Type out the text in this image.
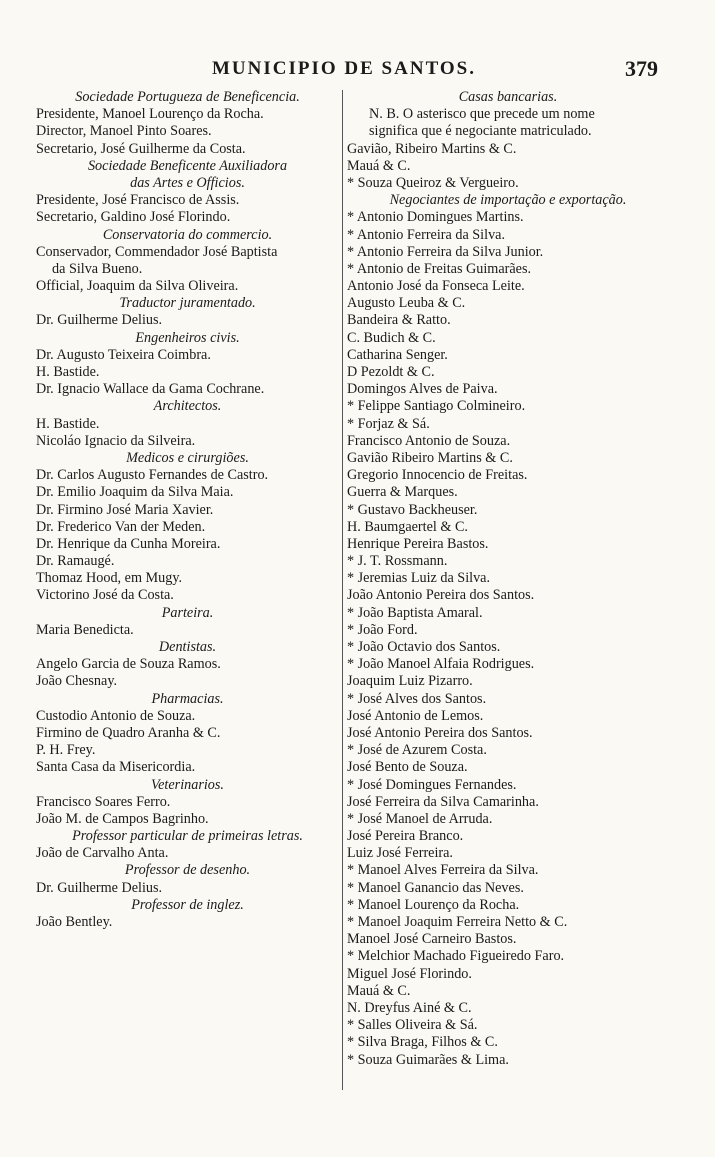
MUNICIPIO DE SANTOS.	379
Sociedade Portugueza de Beneficencia.
Presidente, Manoel Lourenço da Rocha.
Director, Manoel Pinto Soares.
Secretario, José Guilherme da Costa.
Sociedade Beneficente Auxiliadora
das Artes e Officios.
Presidente, José Francisco de Assis.
Secretario, Galdino José Florindo.
Conservatoria do commercio.
Conservador, Commendador José Baptista
da Silva Bueno.
Official, Joaquim da Silva Oliveira.
Traductor juramentado.
Dr. Guilherme Delius.
Engenheiros civis.
Dr. Augusto Teixeira Coimbra.
H. Bastide.
Dr. Ignacio Wallace da Gama Cochrane.
Architectos.
H. Bastide.
Nicoláo Ignacio da Silveira.
Medicos e cirurgiões.
Dr. Carlos Augusto Fernandes de Castro.
Dr. Emilio Joaquim da Silva Maia.
Dr. Firmino José Maria Xavier.
Dr. Frederico Van der Meden.
Dr. Henrique da Cunha Moreira.
Dr. Ramaugé.
Thomaz Hood, em Mugy.
Victorino José da Costa.
Parteira.
Maria Benedicta.
Dentistas.
Angelo Garcia de Souza Ramos.
João Chesnay.
Pharmacias.
Custodio Antonio de Souza.
Firmino de Quadro Aranha & C.
P. H. Frey.
Santa Casa da Misericordia.
Veterinarios.
Francisco Soares Ferro.
João M. de Campos Bagrinho.
Professor particular de primeiras letras.
João de Carvalho Anta.
Professor de desenho.
Dr. Guilherme Delius.
Professor de inglez.
João Bentley.
Casas bancarias.
N. B. O asterisco que precede um nome
significa que é negociante matriculado.
Gavião, Ribeiro Martins & C.
Mauá & C.
* Souza Queiroz & Vergueiro.
Negociantes de importação e exportação.
* Antonio Domingues Martins.
* Antonio Ferreira da Silva.
* Antonio Ferreira da Silva Junior.
* Antonio de Freitas Guimarães.
Antonio José da Fonseca Leite.
Augusto Leuba & C.
Bandeira & Ratto.
C. Budich & C.
Catharina Senger.
D Pezoldt & C.
Domingos Alves de Paiva.
* Felippe Santiago Colmineiro.
* Forjaz & Sá.
Francisco Antonio de Souza.
Gavião Ribeiro Martins & C.
Gregorio Innocencio de Freitas.
Guerra & Marques.
* Gustavo Backheuser.
H. Baumgaertel & C.
Henrique Pereira Bastos.
* J. T. Rossmann.
* Jeremias Luiz da Silva.
João Antonio Pereira dos Santos.
* João Baptista Amaral.
* João Ford.
* João Octavio dos Santos.
* João Manoel Alfaia Rodrigues.
Joaquim Luiz Pizarro.
* José Alves dos Santos.
José Antonio de Lemos.
José Antonio Pereira dos Santos.
* José de Azurem Costa.
José Bento de Souza.
* José Domingues Fernandes.
José Ferreira da Silva Camarinha.
* José Manoel de Arruda.
José Pereira Branco.
Luiz José Ferreira.
* Manoel Alves Ferreira da Silva.
* Manoel Ganancio das Neves.
* Manoel Lourenço da Rocha.
* Manoel Joaquim Ferreira Netto & C.
Manoel José Carneiro Bastos.
* Melchior Machado Figueiredo Faro.
Miguel José Florindo.
Mauá & C.
N. Dreyfus Ainé & C.
* Salles Oliveira & Sá.
* Silva Braga, Filhos & C.
* Souza Guimarães & Lima.
